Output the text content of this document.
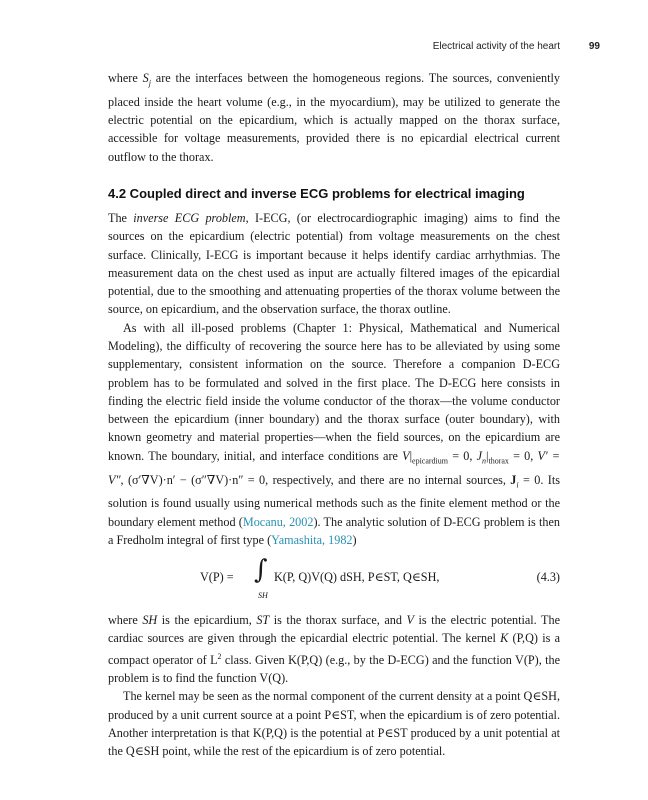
Electrical activity of the heart	99

where $S_j$ are the interfaces between the homogeneous regions. The sources, conveniently placed inside the heart volume (e.g., in the myocardium), may be utilized to generate the electric potential on the epicardium, which is actually mapped on the thorax surface, accessible for voltage measurements, provided there is no epicardial electrical current outflow to the thorax.

4.2 Coupled direct and inverse ECG problems for electrical imaging

The inverse ECG problem, I-ECG, (or electrocardiographic imaging) aims to find the sources on the epicardium (electric potential) from voltage measurements on the chest surface. Clinically, I-ECG is important because it helps identify cardiac arrhythmias. The measurement data on the chest used as input are actually filtered images of the epicardial potential, due to the smoothing and attenuating properties of the thorax volume between the source, on epicardium, and the observation surface, the thorax outline.

As with all ill-posed problems (Chapter 1: Physical, Mathematical and Numerical Modeling), the difficulty of recovering the source here has to be alleviated by using some supplementary, consistent information on the source. Therefore a companion D-ECG problem has to be formulated and solved in the first place. The D-ECG here consists in finding the electric field inside the volume conductor of the thorax—the volume conductor between the epicardium (inner boundary) and the thorax surface (outer boundary), with known geometry and material properties—when the field sources, on the epicardium are known. The boundary, initial, and interface conditions are $V|_{epicardium} = 0$, $J_n|_{thorax} = 0$, V′ = V″, (σ′∇V)·n′ − (σ″∇V)·n″ = 0, respectively, and there are no internal sources, $J_i = 0$. Its solution is found usually using numerical methods such as the finite element method or the boundary element method (Mocanu, 2002). The analytic solution of D-ECG problem is then a Fredholm integral of first type (Yamashita, 1982)

V(P) = ∫
SH
K(P, Q)V(Q) dSH, P∈ST, Q∈SH,	(4.3)

where SH is the epicardium, ST is the thorax surface, and V is the electric potential. The cardiac sources are given through the epicardial electric potential. The kernel K (P,Q) is a compact operator of $L^2$ class. Given K(P,Q) (e.g., by the D-ECG) and the function V(P), the problem is to find the function V(Q).

The kernel may be seen as the normal component of the current density at a point Q∈SH, produced by a unit current source at a point P∈ST, when the epicardium is of zero potential. Another interpretation is that K(P,Q) is the potential at P∈ST produced by a unit potential at the Q∈SH point, while the rest of the epicardium is of zero potential.
